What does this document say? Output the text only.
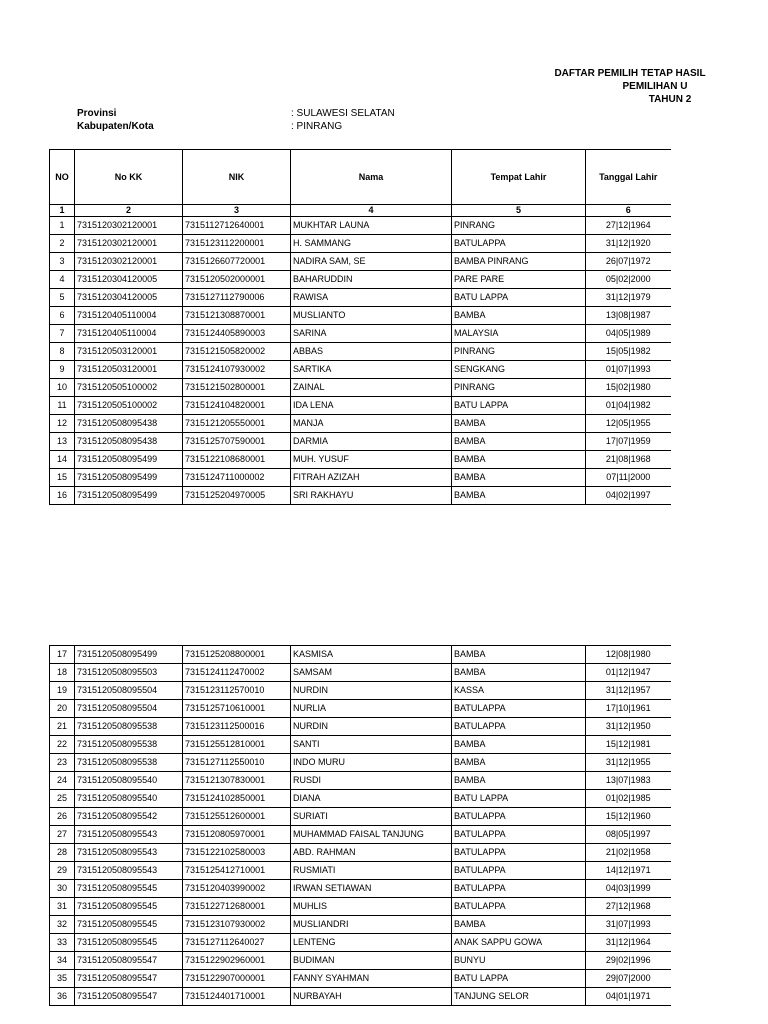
DAFTAR PEMILIH TETAP HASIL
PEMILIHAN U
TAHUN 2
Provinsi	: SULAWESI SELATAN
Kabupaten/Kota	: PINRANG
NO	No KK	NIK	Nama	Tempat Lahir	Tanggal Lahir
1	2	3	4	5	6
1	7315120302120001	7315112712640001	MUKHTAR LAUNA	PINRANG	27|12|1964
2	7315120302120001	7315123112200001	H. SAMMANG	BATULAPPA	31|12|1920
3	7315120302120001	7315126607720001	NADIRA SAM, SE	BAMBA PINRANG	26|07|1972
4	7315120304120005	7315120502000001	BAHARUDDIN	PARE PARE	05|02|2000
5	7315120304120005	7315127112790006	RAWISA	BATU LAPPA	31|12|1979
6	7315120405110004	7315121308870001	MUSLIANTO	BAMBA	13|08|1987
7	7315120405110004	7315124405890003	SARINA	MALAYSIA	04|05|1989
8	7315120503120001	7315121505820002	ABBAS	PINRANG	15|05|1982
9	7315120503120001	7315124107930002	SARTIKA	SENGKANG	01|07|1993
10	7315120505100002	7315121502800001	ZAINAL	PINRANG	15|02|1980
11	7315120505100002	7315124104820001	IDA LENA	BATU LAPPA	01|04|1982
12	7315120508095438	7315121205550001	MANJA	BAMBA	12|05|1955
13	7315120508095438	7315125707590001	DARMIA	BAMBA	17|07|1959
14	7315120508095499	7315122108680001	MUH. YUSUF	BAMBA	21|08|1968
15	7315120508095499	7315124711000002	FITRAH AZIZAH	BAMBA	07|11|2000
16	7315120508095499	7315125204970005	SRI RAKHAYU	BAMBA	04|02|1997
17	7315120508095499	7315125208800001	KASMISA	BAMBA	12|08|1980
18	7315120508095503	7315124112470002	SAMSAM	BAMBA	01|12|1947
19	7315120508095504	7315123112570010	NURDIN	KASSA	31|12|1957
20	7315120508095504	7315125710610001	NURLIA	BATULAPPA	17|10|1961
21	7315120508095538	7315123112500016	NURDIN	BATULAPPA	31|12|1950
22	7315120508095538	7315125512810001	SANTI	BAMBA	15|12|1981
23	7315120508095538	7315127112550010	INDO MURU	BAMBA	31|12|1955
24	7315120508095540	7315121307830001	RUSDI	BAMBA	13|07|1983
25	7315120508095540	7315124102850001	DIANA	BATU LAPPA	01|02|1985
26	7315120508095542	7315125512600001	SURIATI	BATULAPPA	15|12|1960
27	7315120508095543	7315120805970001	MUHAMMAD FAISAL TANJUNG	BATULAPPA	08|05|1997
28	7315120508095543	7315122102580003	ABD. RAHMAN	BATULAPPA	21|02|1958
29	7315120508095543	7315125412710001	RUSMIATI	BATULAPPA	14|12|1971
30	7315120508095545	7315120403990002	IRWAN SETIAWAN	BATULAPPA	04|03|1999
31	7315120508095545	7315122712680001	MUHLIS	BATULAPPA	27|12|1968
32	7315120508095545	7315123107930002	MUSLIANDRI	BAMBA	31|07|1993
33	7315120508095545	7315127112640027	LENTENG	ANAK SAPPU GOWA	31|12|1964
34	7315120508095547	7315122902960001	BUDIMAN	BUNYU	29|02|1996
35	7315120508095547	7315122907000001	FANNY SYAHMAN	BATU LAPPA	29|07|2000
36	7315120508095547	7315124401710001	NURBAYAH	TANJUNG SELOR	04|01|1971
